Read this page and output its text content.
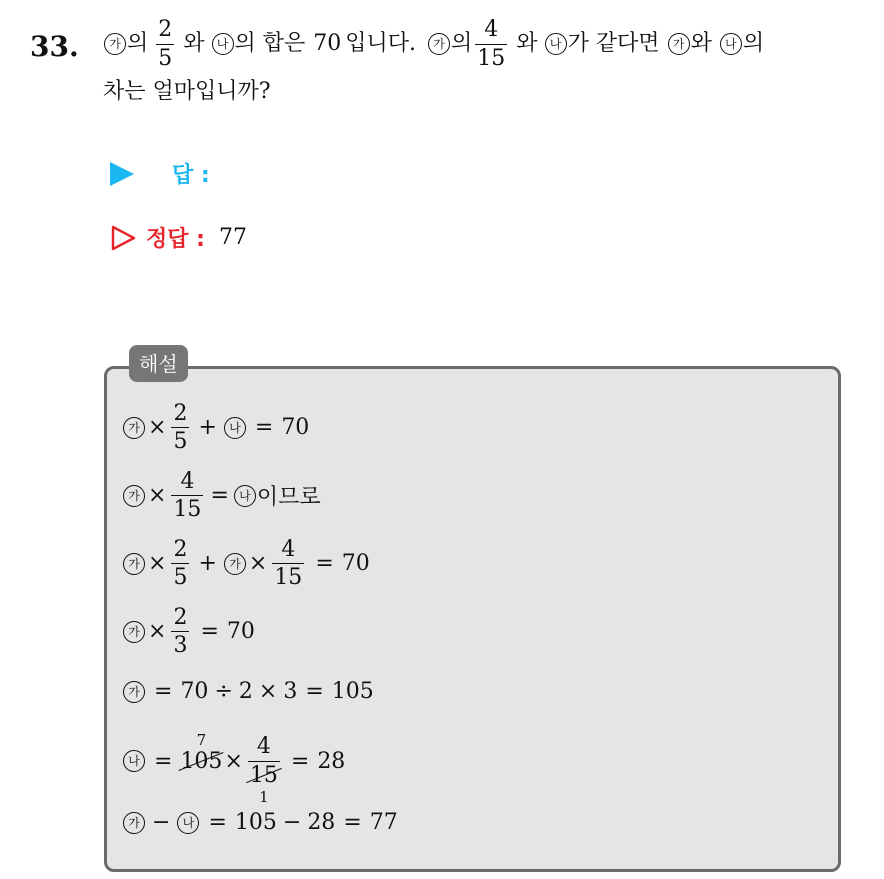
33.	가 의 $\frac{2}{5}$ 와	나 의 합은 70 입니다.	가 의 $\frac{4}{15}$ 와	나 가 같다면	가 와	나 의
차는 얼마입니까?
답 :
정답 : 77
해설
가 × $\frac{2}{5}$ +	나 = 70
가 × $\frac{4}{15}$ = 나 이므로
가 × $\frac{2}{5}$ +	가 × $\frac{4}{15} = 70$
가 × $\frac{2}{3} = 70$
가 = 70 ÷ 2 × 3 = 105
나 =
7
105 × 4
15
1 = 28
가 −	나 = 105 − 28 = 77
